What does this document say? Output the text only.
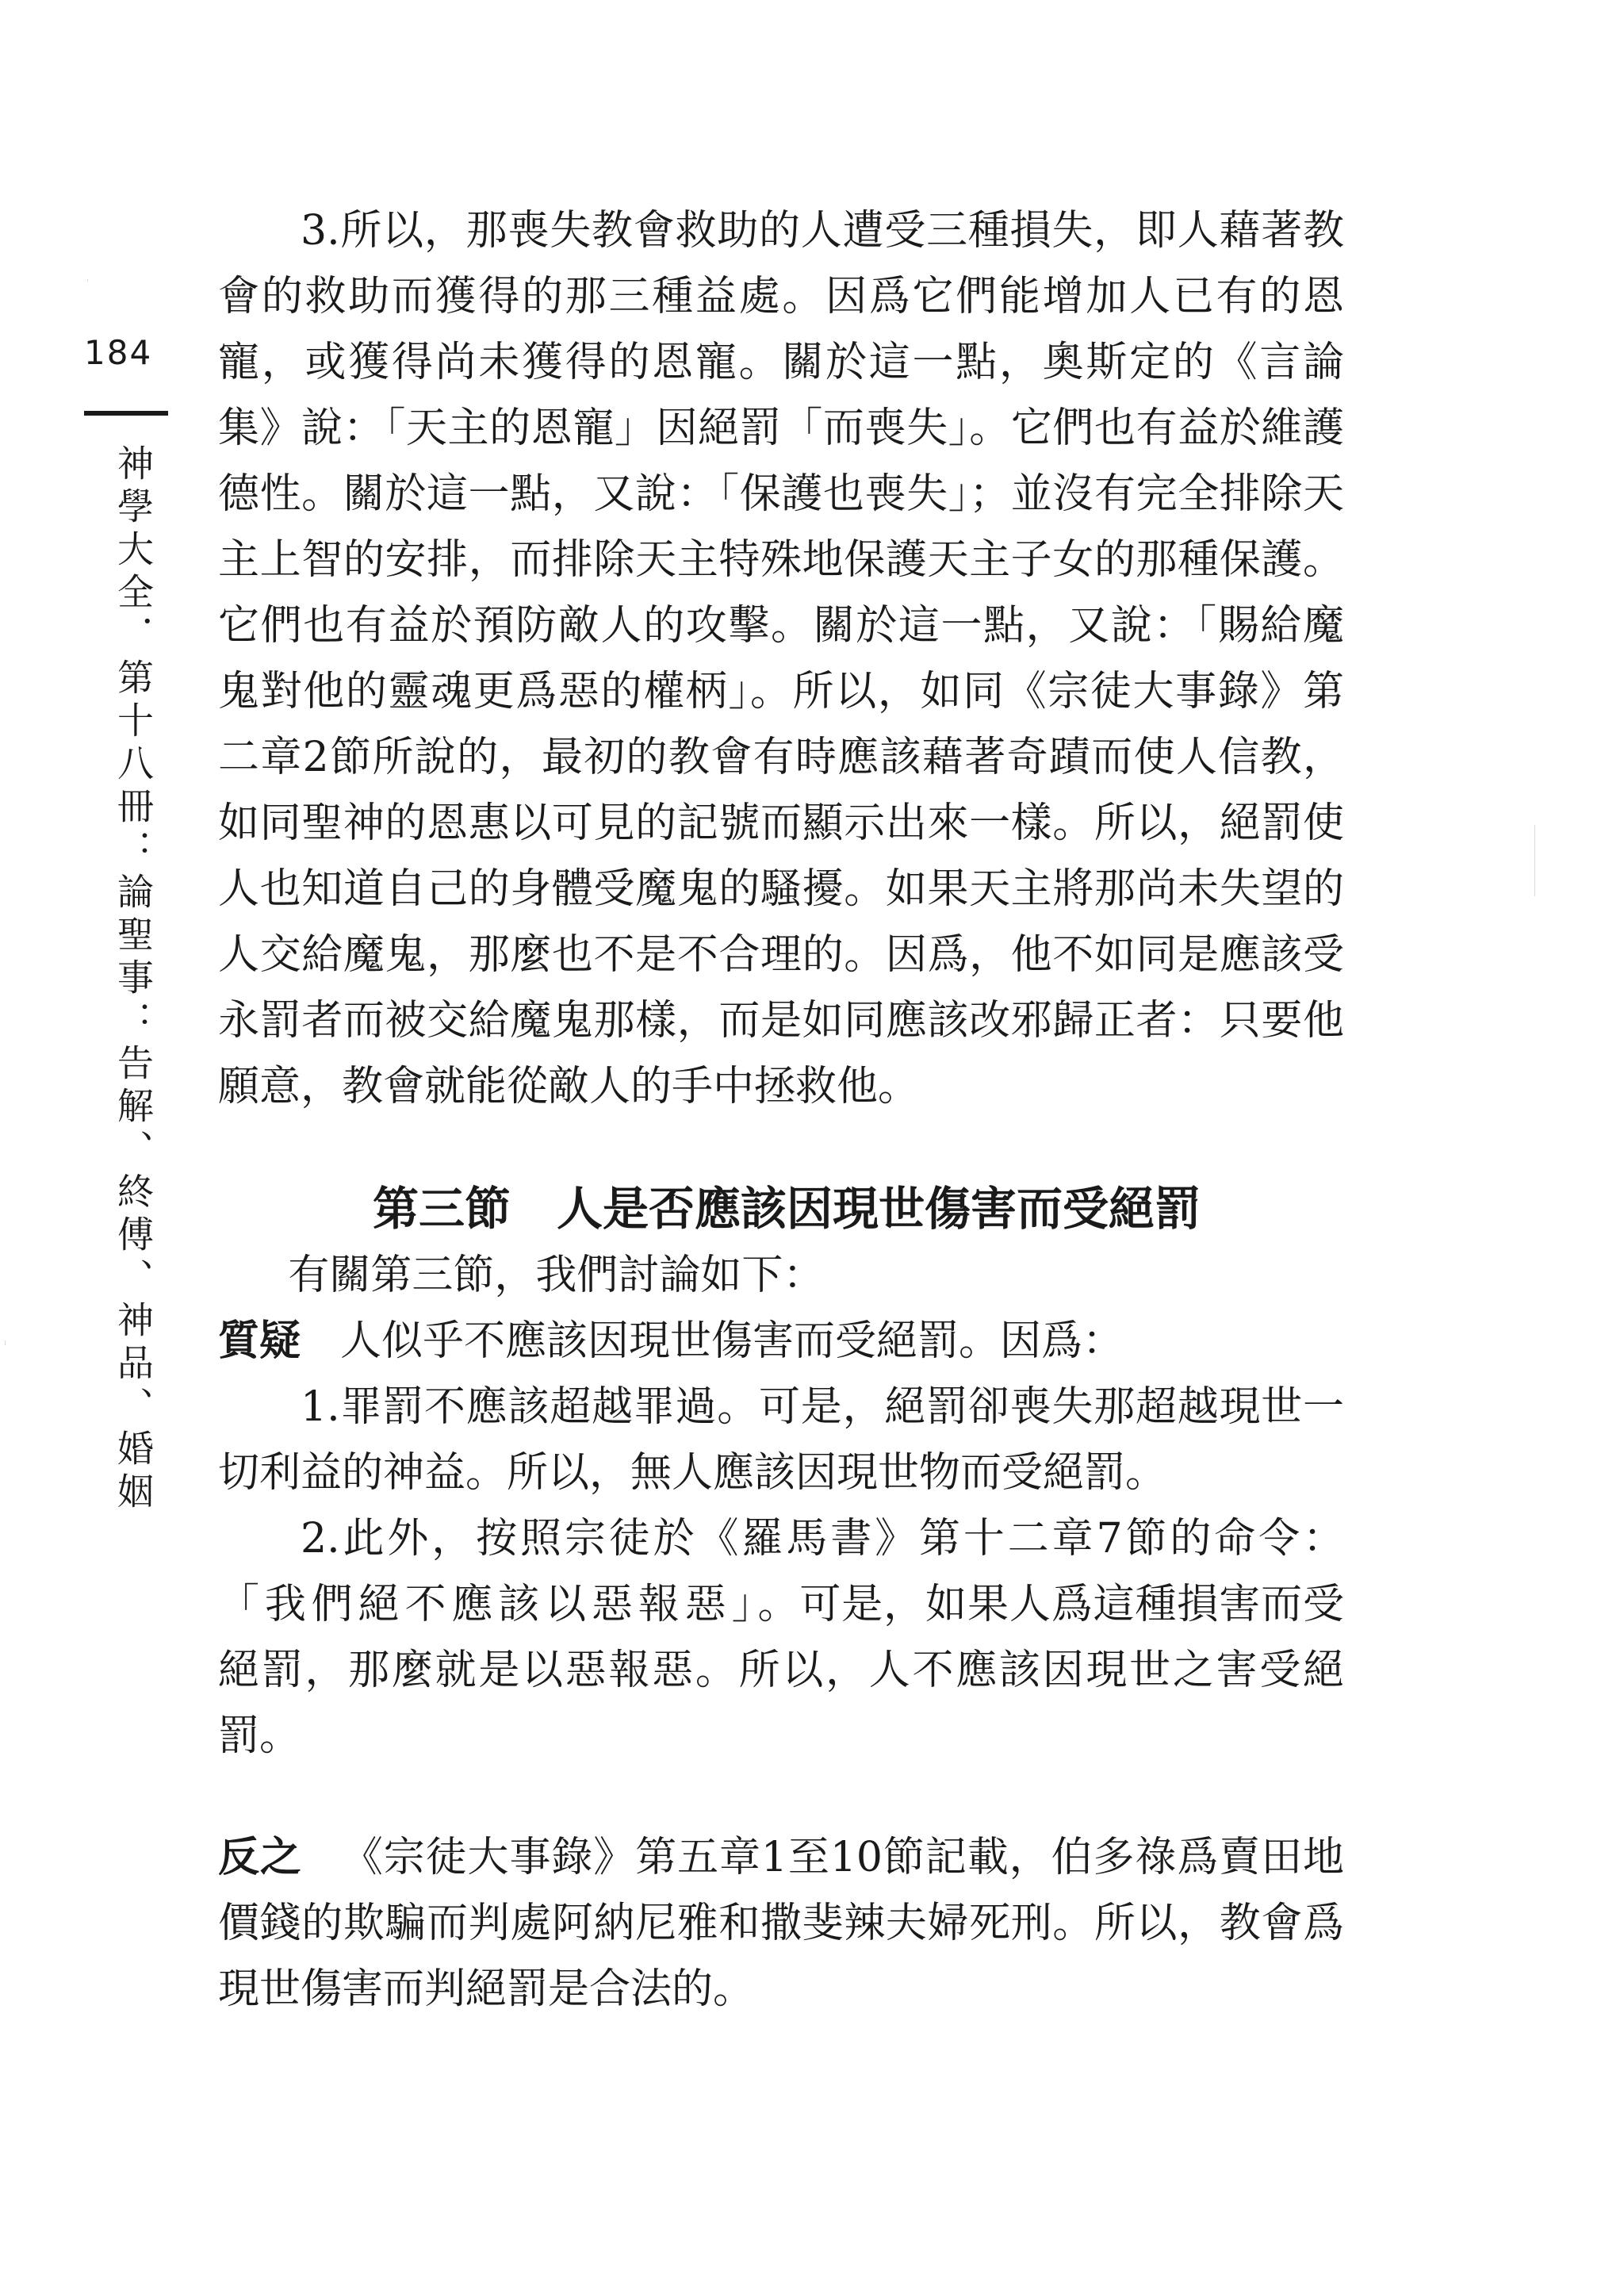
184
神學大全．第十八冊：論聖事：告解、終傅、神品、婚姻

3.所以，那喪失教會救助的人遭受三種損失，即人藉著教會的救助而獲得的那三種益處。因爲它們能增加人已有的恩寵，或獲得尚未獲得的恩寵。關於這一點，奧斯定的《言論集》說：「天主的恩寵」因絕罰「而喪失」。它們也有益於維護德性。關於這一點，又說：「保護也喪失」；並沒有完全排除天主上智的安排，而排除天主特殊地保護天主子女的那種保護。它們也有益於預防敵人的攻擊。關於這一點，又說：「賜給魔鬼對他的靈魂更爲惡的權柄」。所以，如同《宗徒大事錄》第二章2節所說的，最初的教會有時應該藉著奇蹟而使人信教，如同聖神的恩惠以可見的記號而顯示出來一樣。所以，絕罰使人也知道自己的身體受魔鬼的騷擾。如果天主將那尚未失望的人交給魔鬼，那麼也不是不合理的。因爲，他不如同是應該受永罰者而被交給魔鬼那樣，而是如同應該改邪歸正者：只要他願意，教會就能從敵人的手中拯救他。

第三節 人是否應該因現世傷害而受絕罰

有關第三節，我們討論如下：

質疑 人似乎不應該因現世傷害而受絕罰。因爲：

1.罪罰不應該超越罪過。可是，絕罰卻喪失那超越現世一切利益的神益。所以，無人應該因現世物而受絕罰。

2.此外，按照宗徒於《羅馬書》第十二章7節的命令：「我們絕不應該以惡報惡」。可是，如果人爲這種損害而受絕罰，那麼就是以惡報惡。所以，人不應該因現世之害受絕罰。

反之 《宗徒大事錄》第五章1至10節記載，伯多祿爲賣田地價錢的欺騙而判處阿納尼雅和撒斐辣夫婦死刑。所以，教會爲現世傷害而判絕罰是合法的。
